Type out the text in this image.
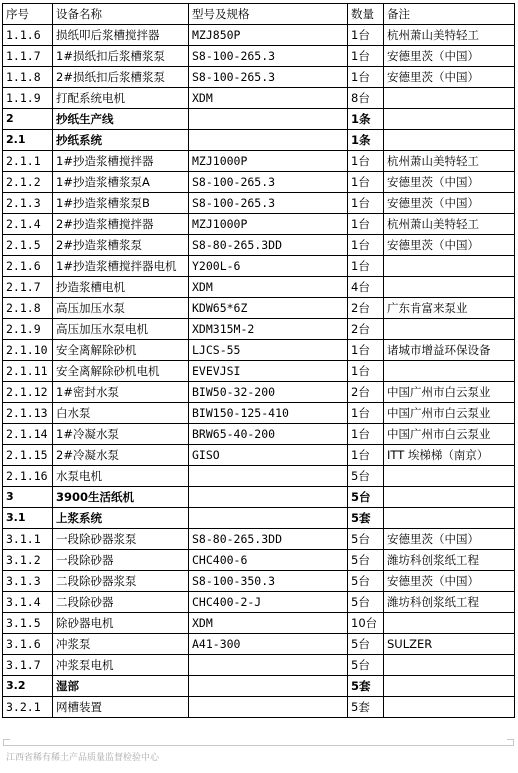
序号	设备名称	型号及规格	数量	备注
1.1.6	损纸叩后浆槽搅拌器	MZJ850P	1台	杭州萧山美特轻工
1.1.7	1#损纸扣后浆槽浆泵	S8-100-265.3	1台	安德里茨（中国）
1.1.8	2#损纸扣后浆槽浆泵	S8-100-265.3	1台	安德里茨（中国）
1.1.9	打配系统电机	XDM	8台	
2	抄纸生产线		1条	
2.1	抄纸系统		1条	
2.1.1	1#抄造浆槽搅拌器	MZJ1000P	1台	杭州萧山美特轻工
2.1.2	1#抄造浆槽浆泵A	S8-100-265.3	1台	安德里茨（中国）
2.1.3	1#抄造浆槽浆泵B	S8-100-265.3	1台	安德里茨（中国）
2.1.4	2#抄造浆槽搅拌器	MZJ1000P	1台	杭州萧山美特轻工
2.1.5	2#抄造浆槽浆泵	S8-80-265.3DD	1台	安德里茨（中国）
2.1.6	1#抄造浆槽搅拌器电机	Y200L-6	1台	
2.1.7	抄造浆槽电机	XDM	4台	
2.1.8	高压加压水泵	KDW65*6Z	2台	广东肯富来泵业
2.1.9	高压加压水泵电机	XDM315M-2	2台	
2.1.10	安全离解除砂机	LJCS-55	1台	诸城市增益环保设备
2.1.11	安全离解除砂机电机	EVEVJSI	1台	
2.1.12	1#密封水泵	BIW50-32-200	2台	中国广州市白云泵业
2.1.13	白水泵	BIW150-125-410	1台	中国广州市白云泵业
2.1.14	1#冷凝水泵	BRW65-40-200	1台	中国广州市白云泵业
2.1.15	2#冷凝水泵	GISO	1台	ITT 埃梯梯（南京）
2.1.16	水泵电机		5台	
3	3900生活纸机		5台	
3.1	上浆系统		5套	
3.1.1	一段除砂器浆泵	S8-80-265.3DD	5台	安德里茨（中国）
3.1.2	一段除砂器	CHC400-6	5台	潍坊科创浆纸工程
3.1.3	二段除砂器浆泵	S8-100-350.3	5台	安德里茨（中国）
3.1.4	二段除砂器	CHC400-2-J	5台	潍坊科创浆纸工程
3.1.5	除砂器电机	XDM	10台	
3.1.6	冲浆泵	A41-300	5台	SULZER
3.1.7	冲浆泵电机		5台	
3.2	湿部		5套	
3.2.1	网槽装置		5套	
江西省稀有稀土产品质量监督检验中心
